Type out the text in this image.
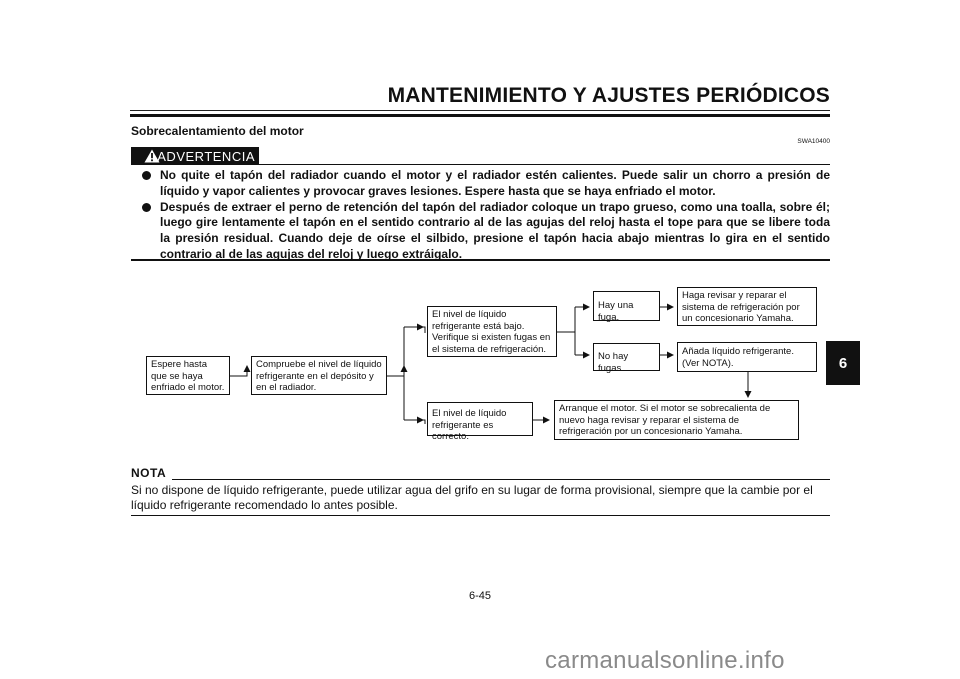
MANTENIMIENTO Y AJUSTES PERIÓDICOS
6
Sobrecalentamiento del motor
SWA10400
ADVERTENCIA
No quite el tapón del radiador cuando el motor y el radiador estén calientes. Puede salir un chorro a presión de líquido y vapor calientes y provocar graves lesiones. Espere hasta que se haya enfriado el motor.
Después de extraer el perno de retención del tapón del radiador coloque un trapo grueso, como una toalla, sobre él; luego gire lentamente el tapón en el sentido contrario al de las agujas del reloj hasta el tope para que se libere toda la presión residual. Cuando deje de oírse el silbido, presione el tapón hacia abajo mientras lo gira en el sentido contrario al de las agujas del reloj y luego extráigalo.
Espere hasta que se haya enfriado el motor.
Compruebe el nivel de líquido refrigerante en el depósito y en el radiador.
El nivel de líquido refrigerante está bajo. Verifique si existen fugas en el sistema de refrigeración.
El nivel de líquido refrigerante es correcto.
Hay una fuga.
No hay fugas.
Haga revisar y reparar el sistema de refrigeración por un concesionario Yamaha.
Añada líquido refrigerante. (Ver NOTA).
Arranque el motor. Si el motor se sobrecalienta de nuevo haga revisar y reparar el sistema de refrigeración por un concesionario Yamaha.
NOTA
Si no dispone de líquido refrigerante, puede utilizar agua del grifo en su lugar de forma provisional, siempre que la cambie por el líquido refrigerante recomendado lo antes posible.
6-45
carmanualsonline.info
